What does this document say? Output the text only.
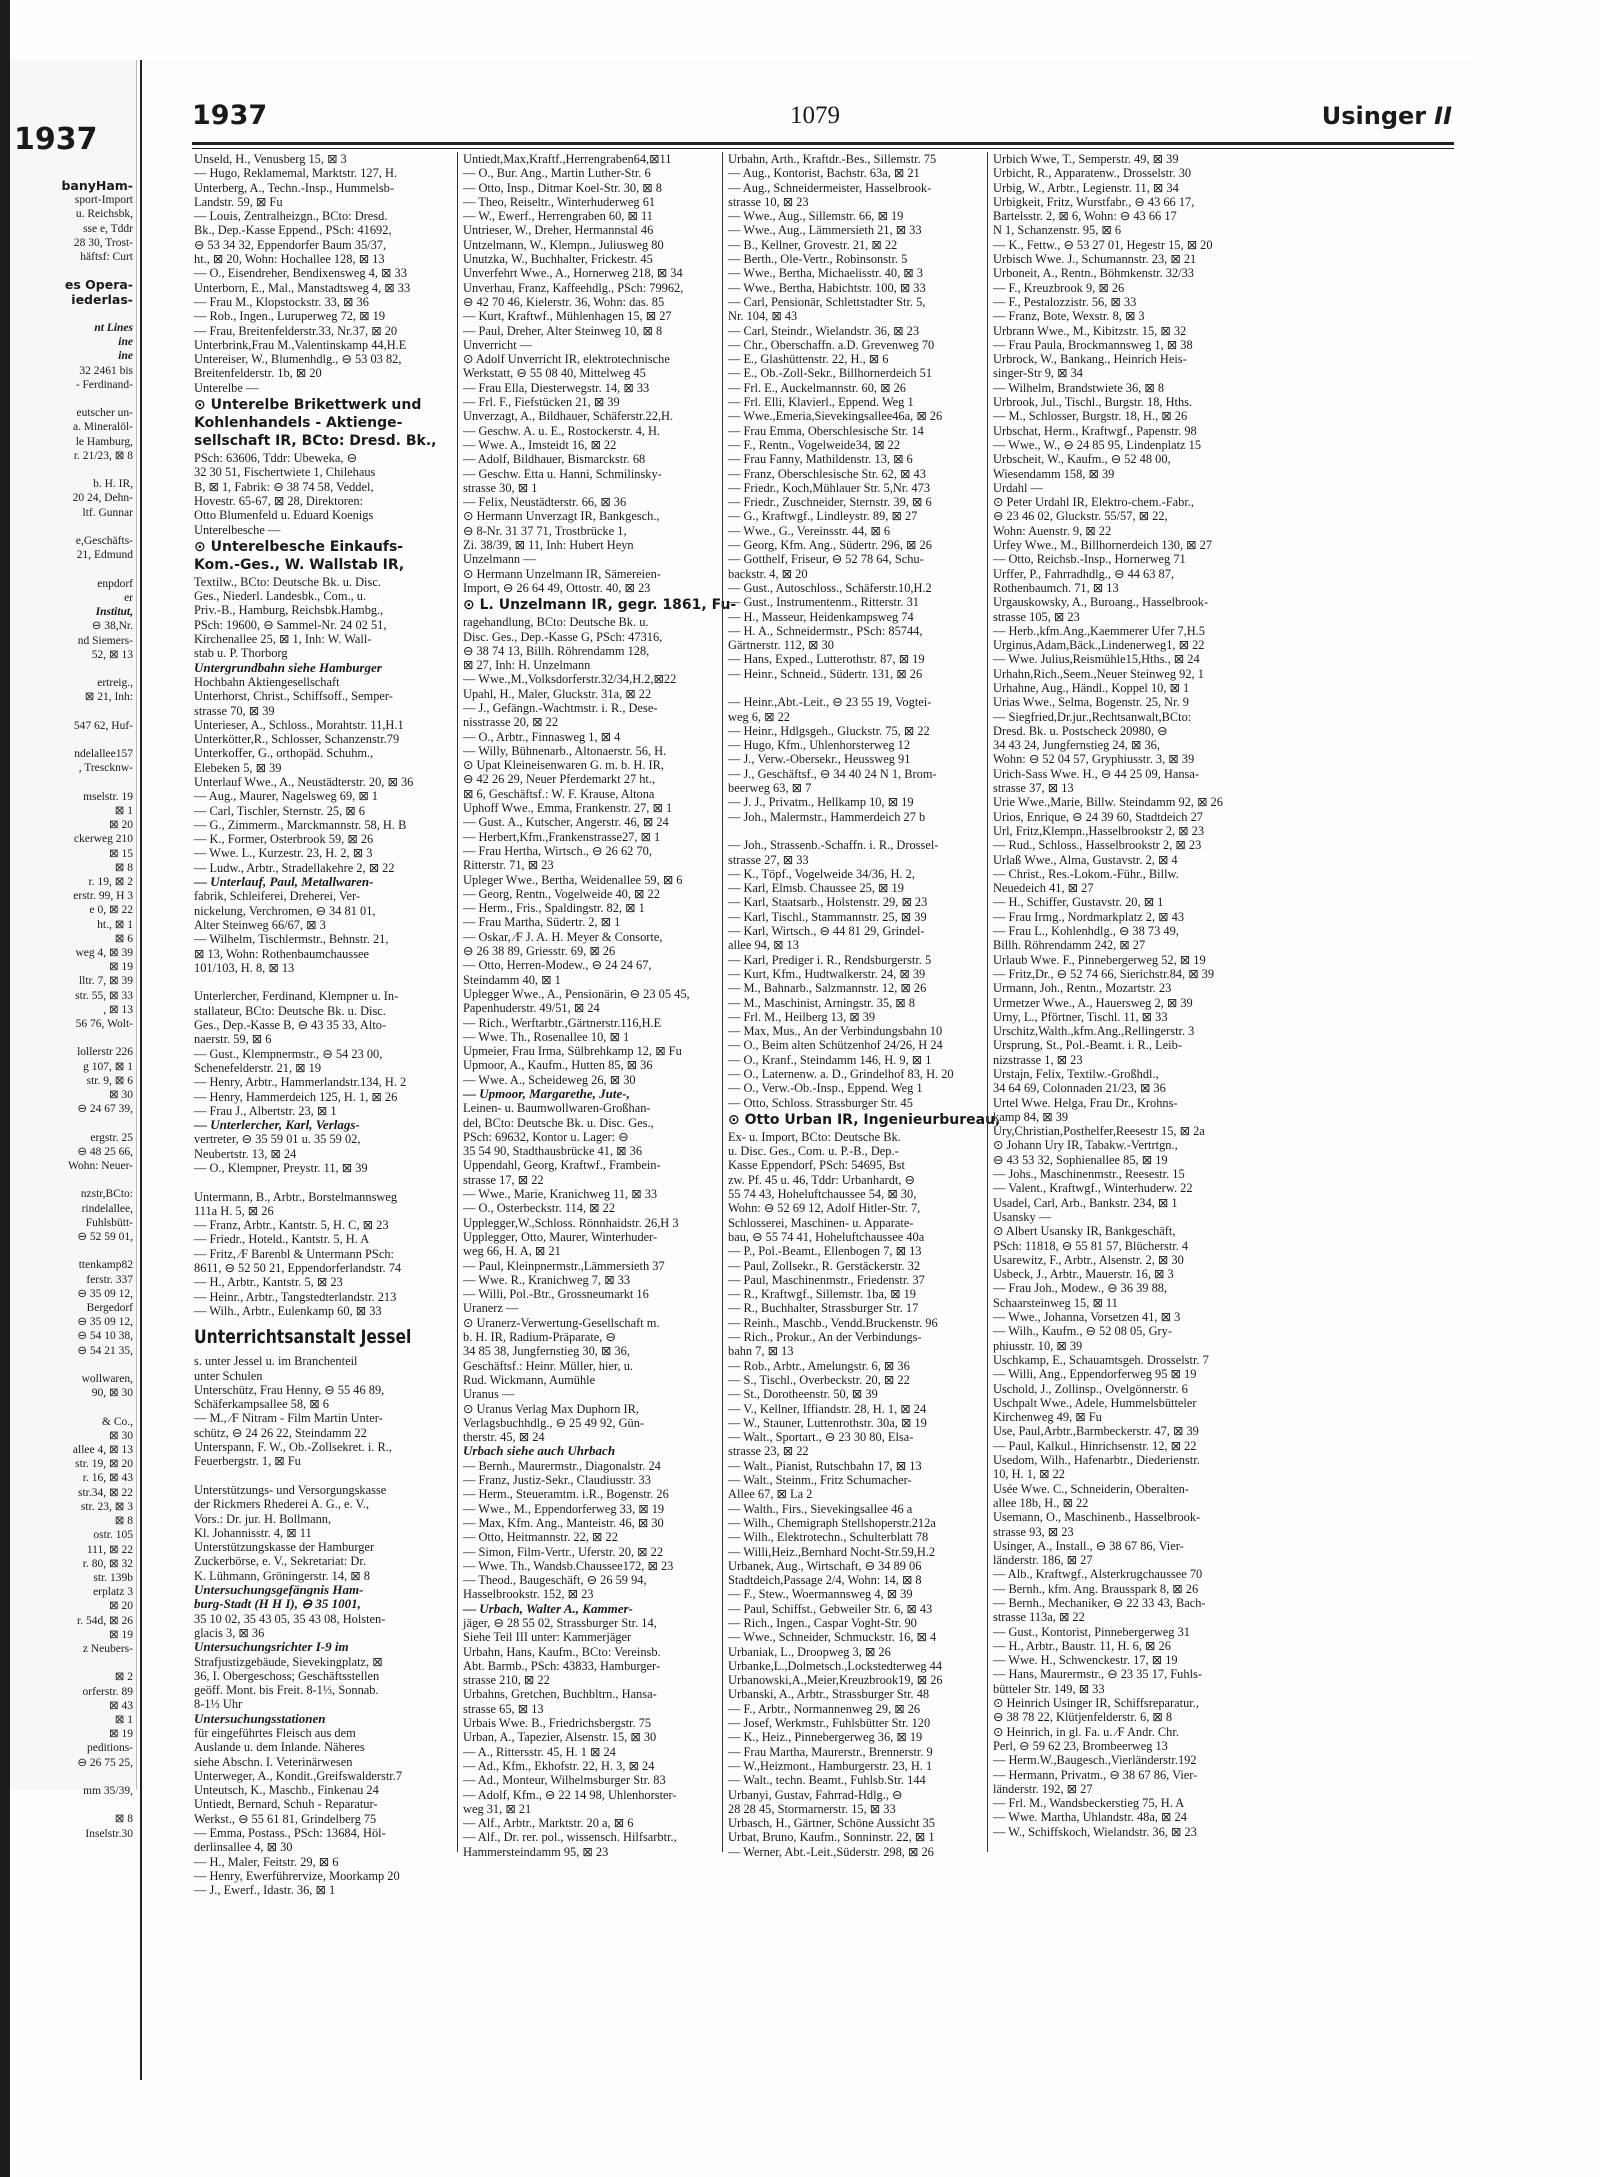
1937
banyHam-
sport-Import
u. Reichsbk,
sse e, Tddr
28 30, Trost-
häftsf: Curt

es Opera-
iederlas-

nt Lines
ine
ine
32 2461 bis
- Ferdinand-

eutscher un-
a. Mineralöl-
le Hamburg,
r. 21/23, ⊠ 8

b. H. IR,
20 24, Dehn-
ltf. Gunnar

e,Geschäfts-
21, Edmund

enpdorf
er
Institut,
⊖ 38,Nr.
nd Siemers-
52, ⊠ 13

ertreig.,
⊠ 21, Inh:

547 62, Huf-

ndelallee157
, Trescknw-

mselstr. 19
⊠ 1
⊠ 20
ckerweg 210
⊠ 15
⊠ 8
r. 19, ⊠ 2
erstr. 99, H 3
e 0, ⊠ 22
ht., ⊠ 1
⊠ 6
weg 4, ⊠ 39
⊠ 19
lltr. 7, ⊠ 39
str. 55, ⊠ 33
, ⊠ 13
56 76, Wolt-

lollerstr 226
g 107, ⊠ 1
str. 9, ⊠ 6
⊠ 30
⊖ 24 67 39,

ergstr. 25
⊖ 48 25 66,
Wohn: Neuer-

nzstr,BCto:
rindelallee,
Fuhlsbütt-
⊖ 52 59 01,

ttenkamp82
ferstr. 337
⊖ 35 09 12,
Bergedorf
⊖ 35 09 12,
⊖ 54 10 38,
⊖ 54 21 35,

wollwaren,
90, ⊠ 30

& Co.,
⊠ 30
allee 4, ⊠ 13
str. 19, ⊠ 20
r. 16, ⊠ 43
str.34, ⊠ 22
str. 23, ⊠ 3
⊠ 8
ostr. 105
111, ⊠ 22
r. 80, ⊠ 32
str. 139b
erplatz 3
⊠ 20
r. 54d, ⊠ 26
⊠ 19
z Neubers-

⊠ 2
orferstr. 89
⊠ 43
⊠ 1
⊠ 19
peditions-
⊖ 26 75 25,

mm 35/39,

⊠ 8
Inselstr.30
1937	1079	Usinger II
Unseld, H., Venusberg 15, ⊠ 3
— Hugo, Reklamemal, Marktstr. 127, H.
Unterberg, A., Techn.-Insp., Hummelsb-
Landstr. 59, ⊠ Fu
— Louis, Zentralheizgn., BCto: Dresd.
Bk., Dep.-Kasse Eppend., PSch: 41692,
⊖ 53 34 32, Eppendorfer Baum 35/37,
ht., ⊠ 20, Wohn: Hochallee 128, ⊠ 13
— O., Eisendreher, Bendixensweg 4, ⊠ 33
Unterborn, E., Mal., Manstadtsweg 4, ⊠ 33
— Frau M., Klopstockstr. 33, ⊠ 36
— Rob., Ingen., Luruperweg 72, ⊠ 19
— Frau, Breitenfelderstr.33, Nr.37, ⊠ 20
Unterbrink,Frau M.,Valentinskamp 44,H.E
Untereiser, W., Blumenhdlg., ⊖ 53 03 82,
Breitenfelderstr. 1b, ⊠ 20
Unterelbe —
⊙ Unterelbe Brikettwerk und
Kohlenhandels - Aktienge-
sellschaft IR, BCto: Dresd. Bk.,
PSch: 63606, Tddr: Ubeweka, ⊖
32 30 51, Fischertwiete 1, Chilehaus
B, ⊠ 1, Fabrik: ⊖ 38 74 58, Veddel,
Hovestr. 65-67, ⊠ 28, Direktoren:
Otto Blumenfeld u. Eduard Koenigs
Unterelbesche —
⊙ Unterelbesche Einkaufs-
Kom.-Ges., W. Wallstab IR,
Textilw., BCto: Deutsche Bk. u. Disc.
Ges., Niederl. Landesbk., Com., u.
Priv.-B., Hamburg, Reichsbk.Hambg.,
PSch: 19600, ⊖ Sammel-Nr. 24 02 51,
Kirchenallee 25, ⊠ 1, Inh: W. Wall-
stab u. P. Thorborg
Untergrundbahn siehe Hamburger
Hochbahn Aktiengesellschaft
Unterhorst, Christ., Schiffsoff., Semper-
strasse 70, ⊠ 39
Unterieser, A., Schloss., Morahtstr. 11,H.1
Unterkötter,R., Schlosser, Schanzenstr.79
Unterkoffer, G., orthopäd. Schuhm.,
Elebeken 5, ⊠ 39
Unterlauf Wwe., A., Neustädterstr. 20, ⊠ 36
— Aug., Maurer, Nagelsweg 69, ⊠ 1
— Carl, Tischler, Sternstr. 25, ⊠ 6
— G., Zimmerm., Marckmannstr. 58, H. B
— K., Former, Osterbrook 59, ⊠ 26
— Wwe. L., Kurzestr. 23, H. 2, ⊠ 3
— Ludw., Arbtr., Stradellakehre 2, ⊠ 22
— Unterlauf, Paul, Metallwaren-
fabrik, Schleiferei, Dreherei, Ver-
nickelung, Verchromen, ⊖ 34 81 01,
Alter Steinweg 66/67, ⊠ 3
— Wilhelm, Tischlermstr., Behnstr. 21,
⊠ 13, Wohn: Rothenbaumchaussee
101/103, H. 8, ⊠ 13

Unterlercher, Ferdinand, Klempner u. In-
stallateur, BCto: Deutsche Bk. u. Disc.
Ges., Dep.-Kasse B, ⊖ 43 35 33, Alto-
naerstr. 59, ⊠ 6
— Gust., Klempnermstr., ⊖ 54 23 00,
Schenefelderstr. 21, ⊠ 19
— Henry, Arbtr., Hammerlandstr.134, H. 2
— Henry, Hammerdeich 125, H. 1, ⊠ 26
— Frau J., Albertstr. 23, ⊠ 1
— Unterlercher, Karl, Verlags-
vertreter, ⊖ 35 59 01 u. 35 59 02,
Neubertstr. 13, ⊠ 24
— O., Klempner, Preystr. 11, ⊠ 39

Untermann, B., Arbtr., Borstelmannsweg
111a H. 5, ⊠ 26
— Franz, Arbtr., Kantstr. 5, H. C, ⊠ 23
— Friedr., Hoteld., Kantstr. 5, H. A
— Fritz, ⁄F Barenbl & Untermann PSch:
8611, ⊖ 52 50 21, Eppendorferlandstr. 74
— H., Arbtr., Kantstr. 5, ⊠ 23
— Heinr., Arbtr., Tangstedterlandstr. 213
— Wilh., Arbtr., Eulenkamp 60, ⊠ 33
Unterrichtsanstalt Jessel
s. unter Jessel u. im Branchenteil
unter Schulen
Unterschütz, Frau Henny, ⊖ 55 46 89,
Schäferkampsallee 58, ⊠ 6
— M., ⁄F Nitram - Film Martin Unter-
schütz, ⊖ 24 26 22, Steindamm 22
Unterspann, F. W., Ob.-Zollsekret. i. R.,
Feuerbergstr. 1, ⊠ Fu

Unterstützungs- und Versorgungskasse
der Rickmers Rhederei A. G., e. V.,
Vors.: Dr. jur. H. Bollmann,
Kl. Johannisstr. 4, ⊠ 11
Unterstützungskasse der Hamburger
Zuckerbörse, e. V., Sekretariat: Dr.
K. Lühmann, Gröningerstr. 14, ⊠ 8
Untersuchungsgefängnis Ham-
burg-Stadt (H H I), ⊖ 35 1001,
35 10 02, 35 43 05, 35 43 08, Holsten-
glacis 3, ⊠ 36
Untersuchungsrichter I-9 im
Strafjustizgebäude, Sievekingplatz, ⊠
36, I. Obergeschoss; Geschäftsstellen
geöff. Mont. bis Freit. 8-1⅓, Sonnab.
8-1⅓ Uhr
Untersuchungsstationen
für eingeführtes Fleisch aus dem
Auslande u. dem Inlande. Näheres
siehe Abschn. I. Veterinärwesen
Unterweger, A., Kondit.,Greifswalderstr.7
Unteutsch, K., Maschb., Finkenau 24
Untiedt, Bernard, Schuh - Reparatur-
Werkst., ⊖ 55 61 81, Grindelberg 75
— Emma, Postass., PSch: 13684, Höl-
derlinsallee 4, ⊠ 30
— H., Maler, Feitstr. 29, ⊠ 6
— Henry, Ewerführervize, Moorkamp 20
— J., Ewerf., Idastr. 36, ⊠ 1
Untiedt,Max,Kraftf.,Herrengraben64,⊠11
— O., Bur. Ang., Martin Luther-Str. 6
— Otto, Insp., Ditmar Koel-Str. 30, ⊠ 8
— Theo, Reiseltr., Winterhuderweg 61
— W., Ewerf., Herrengraben 60, ⊠ 11
Untrieser, W., Dreher, Hermannstal 46
Untzelmann, W., Klempn., Juliusweg 80
Unutzka, W., Buchhalter, Frickestr. 45
Unverfehrt Wwe., A., Hornerweg 218, ⊠ 34
Unverhau, Franz, Kaffeehdlg., PSch: 79962,
⊖ 42 70 46, Kielerstr. 36, Wohn: das. 85
— Kurt, Kraftwf., Mühlenhagen 15, ⊠ 27
— Paul, Dreher, Alter Steinweg 10, ⊠ 8
Unverricht —
⊙ Adolf Unverricht IR, elektrotechnische
Werkstatt, ⊖ 55 08 40, Mittelweg 45
— Frau Ella, Diesterwegstr. 14, ⊠ 33
— Frl. F., Fiefstücken 21, ⊠ 39
Unverzagt, A., Bildhauer, Schäferstr.22,H.
— Geschw. A. u. E., Rostockerstr. 4, H.
— Wwe. A., Imsteidt 16, ⊠ 22
— Adolf, Bildhauer, Bismarckstr. 68
— Geschw. Etta u. Hanni, Schmilinsky-
strasse 30, ⊠ 1
— Felix, Neustädterstr. 66, ⊠ 36
⊙ Hermann Unverzagt IR, Bankgesch.,
⊖ 8-Nr. 31 37 71, Trostbrücke 1,
Zi. 38/39, ⊠ 11, Inh: Hubert Heyn
Unzelmann —
⊙ Hermann Unzelmann IR, Sämereien-
Import, ⊖ 26 64 49, Ottostr. 40, ⊠ 23
⊙ L. Unzelmann IR, gegr. 1861, Fu-
ragehandlung, BCto: Deutsche Bk. u.
Disc. Ges., Dep.-Kasse G, PSch: 47316,
⊖ 38 74 13, Billh. Röhrendamm 128,
⊠ 27, Inh: H. Unzelmann
— Wwe.,M.,Volksdorferstr.32/34,H.2,⊠22
Upahl, H., Maler, Gluckstr. 31a, ⊠ 22
— J., Gefängn.-Wachtmstr. i. R., Dese-
nisstrasse 20, ⊠ 22
— O., Arbtr., Finnasweg 1, ⊠ 4
— Willy, Bühnenarb., Altonaerstr. 56, H.
⊙ Upat Kleineisenwaren G. m. b. H. IR,
⊖ 42 26 29, Neuer Pferdemarkt 27 ht.,
⊠ 6, Geschäftsf.: W. F. Krause, Altona
Uphoff Wwe., Emma, Frankenstr. 27, ⊠ 1
— Gust. A., Kutscher, Angerstr. 46, ⊠ 24
— Herbert,Kfm.,Frankenstrasse27, ⊠ 1
— Frau Hertha, Wirtsch., ⊖ 26 62 70,
Ritterstr. 71, ⊠ 23
Upleger Wwe., Bertha, Weidenallee 59, ⊠ 6
— Georg, Rentn., Vogelweide 40, ⊠ 22
— Herm., Fris., Spaldingstr. 82, ⊠ 1
— Frau Martha, Südertr. 2, ⊠ 1
— Oskar, ⁄F J. A. H. Meyer & Consorte,
⊖ 26 38 89, Griesstr. 69, ⊠ 26
— Otto, Herren-Modew., ⊖ 24 24 67,
Steindamm 40, ⊠ 1
Uplegger Wwe., A., Pensionärin, ⊖ 23 05 45,
Papenhuderstr. 49/51, ⊠ 24
— Rich., Werftarbtr.,Gärtnerstr.116,H.E
— Wwe. Th., Rosenallee 10, ⊠ 1
Upmeier, Frau Irma, Sülbrehkamp 12, ⊠ Fu
Upmoor, A., Kaufm., Hutten 85, ⊠ 36
— Wwe. A., Scheideweg 26, ⊠ 30
— Upmoor, Margarethe, Jute-,
Leinen- u. Baumwollwaren-Großhan-
del, BCto: Deutsche Bk. u. Disc. Ges.,
PSch: 69632, Kontor u. Lager: ⊖
35 54 90, Stadthausbrücke 41, ⊠ 36
Uppendahl, Georg, Kraftwf., Frambein-
strasse 17, ⊠ 22
— Wwe., Marie, Kranichweg 11, ⊠ 33
— O., Osterbeckstr. 114, ⊠ 22
Upplegger,W.,Schloss. Rönnhaidstr. 26,H 3
Upplegger, Otto, Maurer, Winterhuder-
weg 66, H. A, ⊠ 21
— Paul, Kleinpnermstr.,Lämmersieth 37
— Wwe. R., Kranichweg 7, ⊠ 33
— Willi, Pol.-Btr., Grossneumarkt 16
Uranerz —
⊙ Uranerz-Verwertung-Gesellschaft m.
b. H. IR, Radium-Präparate, ⊖
34 85 38, Jungfernstieg 30, ⊠ 36,
Geschäftsf.: Heinr. Müller, hier, u.
Rud. Wickmann, Aumühle
Uranus —
⊙ Uranus Verlag Max Duphorn IR,
Verlagsbuchhdlg., ⊖ 25 49 92, Gün-
therstr. 45, ⊠ 24
Urbach siehe auch Uhrbach
— Bernh., Maurermstr., Diagonalstr. 24
— Franz, Justiz-Sekr., Claudiusstr. 33
— Herm., Steueramtm. i.R., Bogenstr. 26
— Wwe., M., Eppendorferweg 33, ⊠ 19
— Max, Kfm. Ang., Manteistr. 46, ⊠ 30
— Otto, Heitmannstr. 22, ⊠ 22
— Simon, Film-Vertr., Uferstr. 20, ⊠ 22
— Wwe. Th., Wandsb.Chaussee172, ⊠ 23
— Theod., Baugeschäft, ⊖ 26 59 94,
Hasselbrookstr. 152, ⊠ 23
— Urbach, Walter A., Kammer-
jäger, ⊖ 28 55 02, Strassburger Str. 14,
Siehe Teil III unter: Kammerjäger
Urbahn, Hans, Kaufm., BCto: Vereinsb.
Abt. Barmb., PSch: 43833, Hamburger-
strasse 210, ⊠ 22
Urbahns, Gretchen, Buchbltrn., Hansa-
strasse 65, ⊠ 13
Urbais Wwe. B., Friedrichsbergstr. 75
Urban, A., Tapezier, Alsenstr. 15, ⊠ 30
— A., Rittersstr. 45, H. 1 ⊠ 24
— Ad., Kfm., Ekhofstr. 22, H. 3, ⊠ 24
— Ad., Monteur, Wilhelmsburger Str. 83
— Adolf, Kfm., ⊖ 22 14 98, Uhlenhorster-
weg 31, ⊠ 21
— Alf., Arbtr., Marktstr. 20 a, ⊠ 6
— Alf., Dr. rer. pol., wissensch. Hilfsarbtr.,
Hammersteindamm 95, ⊠ 23
Urbahn, Arth., Kraftdr.-Bes., Sillemstr. 75
— Aug., Kontorist, Bachstr. 63a, ⊠ 21
— Aug., Schneidermeister, Hasselbrook-
strasse 10, ⊠ 23
— Wwe., Aug., Sillemstr. 66, ⊠ 19
— Wwe., Aug., Lämmersieth 21, ⊠ 33
— B., Kellner, Grovestr. 21, ⊠ 22
— Berth., Ole-Vertr., Robinsonstr. 5
— Wwe., Bertha, Michaelisstr. 40, ⊠ 3
— Wwe., Bertha, Habichtstr. 100, ⊠ 33
— Carl, Pensionär, Schlettstadter Str. 5,
Nr. 104, ⊠ 43
— Carl, Steindr., Wielandstr. 36, ⊠ 23
— Chr., Oberschaffn. a.D. Grevenweg 70
— E., Glashüttenstr. 22, H., ⊠ 6
— E., Ob.-Zoll-Sekr., Billhornerdeich 51
— Frl. E., Auckelmannstr. 60, ⊠ 26
— Frl. Elli, Klavierl., Eppend. Weg 1
— Wwe.,Emeria,Sievekingsallee46a, ⊠ 26
— Frau Emma, Oberschlesische Str. 14
— F., Rentn., Vogelweide34, ⊠ 22
— Frau Fanny, Mathildenstr. 13, ⊠ 6
— Franz, Oberschlesische Str. 62, ⊠ 43
— Friedr., Koch,Mühlauer Str. 5,Nr. 473
— Friedr., Zuschneider, Sternstr. 39, ⊠ 6
— G., Kraftwgf., Lindleystr. 89, ⊠ 27
— Wwe., G., Vereinsstr. 44, ⊠ 6
— Georg, Kfm. Ang., Südertr. 296, ⊠ 26
— Gotthelf, Friseur, ⊖ 52 78 64, Schu-
backstr. 4, ⊠ 20
— Gust., Autoschloss., Schäferstr.10,H.2
— Gust., Instrumentenm., Ritterstr. 31
— H., Masseur, Heidenkampsweg 74
— H. A., Schneidermstr., PSch: 85744,
Gärtnerstr. 112, ⊠ 30
— Hans, Exped., Lutterothstr. 87, ⊠ 19
— Heinr., Schneid., Südertr. 131, ⊠ 26

— Heinr.,Abt.-Leit., ⊖ 23 55 19, Vogtei-
weg 6, ⊠ 22
— Heinr., Hdlgsgeh., Gluckstr. 75, ⊠ 22
— Hugo, Kfm., Uhlenhorsterweg 12
— J., Verw.-Obersekr., Heussweg 91
— J., Geschäftsf., ⊖ 34 40 24 N 1, Brom-
beerweg 63, ⊠ 7
— J. J., Privatm., Hellkamp 10, ⊠ 19
— Joh., Malermstr., Hammerdeich 27 b

— Joh., Strassenb.-Schaffn. i. R., Drossel-
strasse 27, ⊠ 33
— K., Töpf., Vogelweide 34/36, H. 2,
— Karl, Elmsb. Chaussee 25, ⊠ 19
— Karl, Staatsarb., Holstenstr. 29, ⊠ 23
— Karl, Tischl., Stammannstr. 25, ⊠ 39
— Karl, Wirtsch., ⊖ 44 81 29, Grindel-
allee 94, ⊠ 13
— Karl, Prediger i. R., Rendsburgerstr. 5
— Kurt, Kfm., Hudtwalkerstr. 24, ⊠ 39
— M., Bahnarb., Salzmannstr. 12, ⊠ 26
— M., Maschinist, Arningstr. 35, ⊠ 8
— Frl. M., Heilberg 13, ⊠ 39
— Max, Mus., An der Verbindungsbahn 10
— O., Beim alten Schützenhof 24/26, H 24
— O., Kranf., Steindamm 146, H. 9, ⊠ 1
— O., Laternenw. a. D., Grindelhof 83, H. 20
— O., Verw.-Ob.-Insp., Eppend. Weg 1
— Otto, Schloss. Strassburger Str. 45
⊙ Otto Urban IR, Ingenieurbureau,
Ex- u. Import, BCto: Deutsche Bk.
u. Disc. Ges., Com. u. P.-B., Dep.-
Kasse Eppendorf, PSch: 54695, Bst
zw. Pf. 45 u. 46, Tddr: Urbanhardt, ⊖
55 74 43, Hoheluftchaussee 54, ⊠ 30,
Wohn: ⊖ 52 69 12, Adolf Hitler-Str. 7,
Schlosserei, Maschinen- u. Apparate-
bau, ⊖ 55 74 41, Hoheluftchaussee 40a
— P., Pol.-Beamt., Ellenbogen 7, ⊠ 13
— Paul, Zollsekr., R. Gerstäckerstr. 32
— Paul, Maschinenmstr., Friedenstr. 37
— R., Kraftwgf., Sillemstr. 1ba, ⊠ 19
— R., Buchhalter, Strassburger Str. 17
— Reinh., Maschb., Vendd.Bruckenstr. 96
— Rich., Prokur., An der Verbindungs-
bahn 7, ⊠ 13
— Rob., Arbtr., Amelungstr. 6, ⊠ 36
— S., Tischl., Overbeckstr. 20, ⊠ 22
— St., Dorotheenstr. 50, ⊠ 39
— V., Kellner, Iffiandstr. 28, H. 1, ⊠ 24
— W., Stauner, Luttenrothstr. 30a, ⊠ 19
— Walt., Sportart., ⊖ 23 30 80, Elsa-
strasse 23, ⊠ 22
— Walt., Pianist, Rutschbahn 17, ⊠ 13
— Walt., Steinm., Fritz Schumacher-
Allee 67, ⊠ La 2
— Walth., Firs., Sievekingsallee 46 a
— Wilh., Chemigraph Stellshoperstr.212a
— Wilh., Elektrotechn., Schulterblatt 78
— Willi,Heiz.,Bernhard Nocht-Str.59,H.2
Urbanek, Aug., Wirtschaft, ⊖ 34 89 06
Stadtdeich,Passage 2/4, Wohn: 14, ⊠ 8
— F., Stew., Woermannsweg 4, ⊠ 39
— Paul, Schiffst., Gebweiler Str. 6, ⊠ 43
— Rich., Ingen., Caspar Voght-Str. 90
— Wwe., Schneider, Schmuckstr. 16, ⊠ 4
Urbaniak, L., Droopweg 3, ⊠ 26
Urbanke,L.,Dolmetsch.,Lockstedterweg 44
Urbanowski,A.,Meier,Kreuzbrook19, ⊠ 26
Urbanski, A., Arbtr., Strassburger Str. 48
— F., Arbtr., Normannenweg 29, ⊠ 26
— Josef, Werkmstr., Fuhlsbütter Str. 120
— K., Heiz., Pinnebergerweg 36, ⊠ 19
— Frau Martha, Maurerstr., Brennerstr. 9
— W.,Heizmont., Hamburgerstr. 23, H. 1
— Walt., techn. Beamt., Fuhlsb.Str. 144
Urbanyi, Gustav, Fahrrad-Hdlg., ⊖
28 28 45, Stormarnerstr. 15, ⊠ 33
Urbasch, H., Gärtner, Schöne Aussicht 35
Urbat, Bruno, Kaufm., Sonninstr. 22, ⊠ 1
— Werner, Abt.-Leit.,Süderstr. 298, ⊠ 26
Urbich Wwe, T., Semperstr. 49, ⊠ 39
Urbicht, R., Apparatenw., Drosselstr. 30
Urbig, W., Arbtr., Legienstr. 11, ⊠ 34
Urbigkeit, Fritz, Wurstfabr., ⊖ 43 66 17,
Bartelsstr. 2, ⊠ 6, Wohn: ⊖ 43 66 17
N 1, Schanzenstr. 95, ⊠ 6
— K., Fettw., ⊖ 53 27 01, Hegestr 15, ⊠ 20
Urbisch Wwe. J., Schumannstr. 23, ⊠ 21
Urboneit, A., Rentn., Böhmkenstr. 32/33
— F., Kreuzbrook 9, ⊠ 26
— F., Pestalozzistr. 56, ⊠ 33
— Franz, Bote, Wexstr. 8, ⊠ 3
Urbrann Wwe., M., Kibitzstr. 15, ⊠ 32
— Frau Paula, Brockmannsweg 1, ⊠ 38
Urbrock, W., Bankang., Heinrich Heis-
singer-Str 9, ⊠ 34
— Wilhelm, Brandstwiete 36, ⊠ 8
Urbrook, Jul., Tischl., Burgstr. 18, Hths.
— M., Schlosser, Burgstr. 18, H., ⊠ 26
Urbschat, Herm., Kraftwgf., Papenstr. 98
— Wwe., W., ⊖ 24 85 95, Lindenplatz 15
Urbscheit, W., Kaufm., ⊖ 52 48 00,
Wiesendamm 158, ⊠ 39
Urdahl —
⊙ Peter Urdahl IR, Elektro-chem.-Fabr.,
⊖ 23 46 02, Gluckstr. 55/57, ⊠ 22,
Wohn: Auenstr. 9, ⊠ 22
Urfey Wwe., M., Billhornerdeich 130, ⊠ 27
— Otto, Reichsb.-Insp., Hornerweg 71
Urffer, P., Fahrradhdlg., ⊖ 44 63 87,
Rothenbaumch. 71, ⊠ 13
Urgauskowsky, A., Buroang., Hasselbrook-
strasse 105, ⊠ 23
— Herb.,kfm.Ang.,Kaemmerer Ufer 7,H.5
Urginus,Adam,Bäck.,Lindenerweg1, ⊠ 22
— Wwe. Julius,Reismühle15,Hths., ⊠ 24
Urhahn,Rich.,Seem.,Neuer Steinweg 92, 1
Urhahne, Aug., Händl., Koppel 10, ⊠ 1
Urias Wwe., Selma, Bogenstr. 25, Nr. 9
— Siegfried,Dr.jur.,Rechtsanwalt,BCto:
Dresd. Bk. u. Postscheck 20980, ⊖
34 43 24, Jungfernstieg 24, ⊠ 36,
Wohn: ⊖ 52 04 57, Gryphiusstr. 3, ⊠ 39
Urich-Sass Wwe. H., ⊖ 44 25 09, Hansa-
strasse 37, ⊠ 13
Urie Wwe.,Marie, Billw. Steindamm 92, ⊠ 26
Urios, Enrique, ⊖ 24 39 60, Stadtdeich 27
Url, Fritz,Klempn.,Hasselbrookstr 2, ⊠ 23
— Rud., Schloss., Hasselbrookstr 2, ⊠ 23
Urlaß Wwe., Alma, Gustavstr. 2, ⊠ 4
— Christ., Res.-Lokom.-Führ., Billw.
Neuedeich 41, ⊠ 27
— H., Schiffer, Gustavstr. 20, ⊠ 1
— Frau Irmg., Nordmarkplatz 2, ⊠ 43
— Frau L., Kohlenhdlg., ⊖ 38 73 49,
Billh. Röhrendamm 242, ⊠ 27
Urlaub Wwe. F., Pinnebergerweg 52, ⊠ 19
— Fritz,Dr., ⊖ 52 74 66, Sierichstr.84, ⊠ 39
Urmann, Joh., Rentn., Mozartstr. 23
Urmetzer Wwe., A., Hauersweg 2, ⊠ 39
Urny, L., Pförtner, Tischl. 11, ⊠ 33
Urschitz,Walth.,kfm.Ang.,Rellingerstr. 3
Ursprung, St., Pol.-Beamt. i. R., Leib-
nizstrasse 1, ⊠ 23
Urstajn, Felix, Textilw.-Großhdl.,
34 64 69, Colonnaden 21/23, ⊠ 36
Urtel Wwe. Helga, Frau Dr., Krohns-
kamp 84, ⊠ 39
Ury,Christian,Posthelfer,Reesestr 15, ⊠ 2a
⊙ Johann Ury IR, Tabakw.-Vertrtgn.,
⊖ 43 53 32, Sophienallee 85, ⊠ 19
— Johs., Maschinenmstr., Reesestr. 15
— Valent., Kraftwgf., Winterhuderw. 22
Usadel, Carl, Arb., Bankstr. 234, ⊠ 1
Usansky —
⊙ Albert Usansky IR, Bankgeschäft,
PSch: 11818, ⊖ 55 81 57, Blücherstr. 4
Usarewitz, F., Arbtr., Alsenstr. 2, ⊠ 30
Usbeck, J., Arbtr., Mauerstr. 16, ⊠ 3
— Frau Joh., Modew., ⊖ 36 39 88,
Schaarsteinweg 15, ⊠ 11
— Wwe., Johanna, Vorsetzen 41, ⊠ 3
— Wilh., Kaufm., ⊖ 52 08 05, Gry-
phiusstr. 10, ⊠ 39
Uschkamp, E., Schauamtsgeh. Drosselstr. 7
— Willi, Ang., Eppendorferweg 95 ⊠ 19
Uschold, J., Zollinsp., Ovelgönnerstr. 6
Uschpalt Wwe., Adele, Hummelsbütteler
Kirchenweg 49, ⊠ Fu
Use, Paul,Arbtr.,Barmbeckerstr. 47, ⊠ 39
— Paul, Kalkul., Hinrichsenstr. 12, ⊠ 22
Usedom, Wilh., Hafenarbtr., Diederienstr.
10, H. 1, ⊠ 22
Usée Wwe. C., Schneiderin, Oberalten-
allee 18b, H., ⊠ 22
Usemann, O., Maschinenb., Hasselbrook-
strasse 93, ⊠ 23
Usinger, A., Install., ⊖ 38 67 86, Vier-
länderstr. 186, ⊠ 27
— Alb., Kraftwgf., Alsterkrugchaussee 70
— Bernh., kfm. Ang. Brausspark 8, ⊠ 26
— Bernh., Mechaniker, ⊖ 22 33 43, Bach-
strasse 113a, ⊠ 22
— Gust., Kontorist, Pinnebergerweg 31
— H., Arbtr., Baustr. 11, H. 6, ⊠ 26
— Wwe. H., Schwenckestr. 17, ⊠ 19
— Hans, Maurermstr., ⊖ 23 35 17, Fuhls-
bütteler Str. 149, ⊠ 33
⊙ Heinrich Usinger IR, Schiffsreparatur.,
⊖ 38 78 22, Klütjenfelderstr. 6, ⊠ 8
⊙ Heinrich, in gl. Fa. u. ⁄F Andr. Chr.
Perl, ⊖ 59 62 23, Brombeerweg 13
— Herm.W.,Baugesch.,Vierländerstr.192
— Hermann, Privatm., ⊖ 38 67 86, Vier-
länderstr. 192, ⊠ 27
— Frl. M., Wandsbeckerstieg 75, H. A
— Wwe. Martha, Uhlandstr. 48a, ⊠ 24
— W., Schiffskoch, Wielandstr. 36, ⊠ 23
